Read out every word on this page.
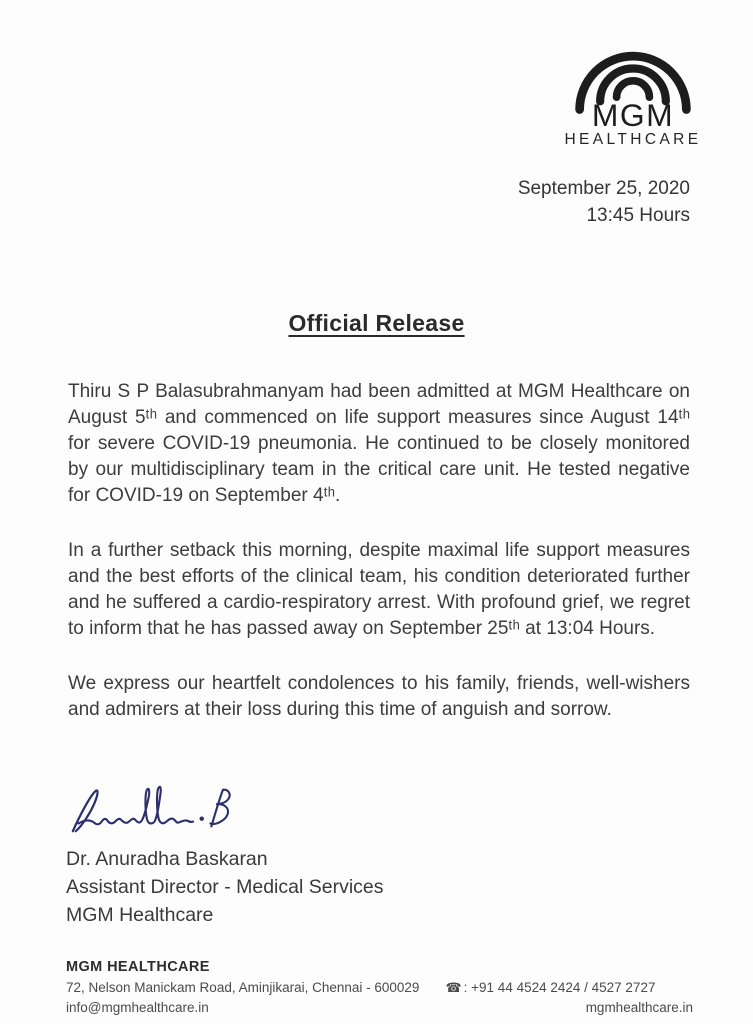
MGM
HEALTHCARE
September 25, 2020
13:45 Hours
Official Release

Thiru S P Balasubrahmanyam had been admitted at MGM Healthcare on August 5ᵗʰ and commenced on life support measures since August 14ᵗʰ for severe COVID-19 pneumonia. He continued to be closely monitored by our multidisciplinary team in the critical care unit. He tested negative for COVID-19 on September 4ᵗʰ.

In a further setback this morning, despite maximal life support measures and the best efforts of the clinical team, his condition deteriorated further and he suffered a cardio-respiratory arrest. With profound grief, we regret to inform that he has passed away on September 25ᵗʰ at 13:04 Hours.

We express our heartfelt condolences to his family, friends, well-wishers and admirers at their loss during this time of anguish and sorrow.

Dr. Anuradha Baskaran
Assistant Director - Medical Services
MGM Healthcare
MGM HEALTHCARE
72, Nelson Manickam Road, Aminjikarai, Chennai - 600029 ☎ : +91 44 4524 2424 / 4527 2727
info@mgmhealthcare.in	mgmhealthcare.in
